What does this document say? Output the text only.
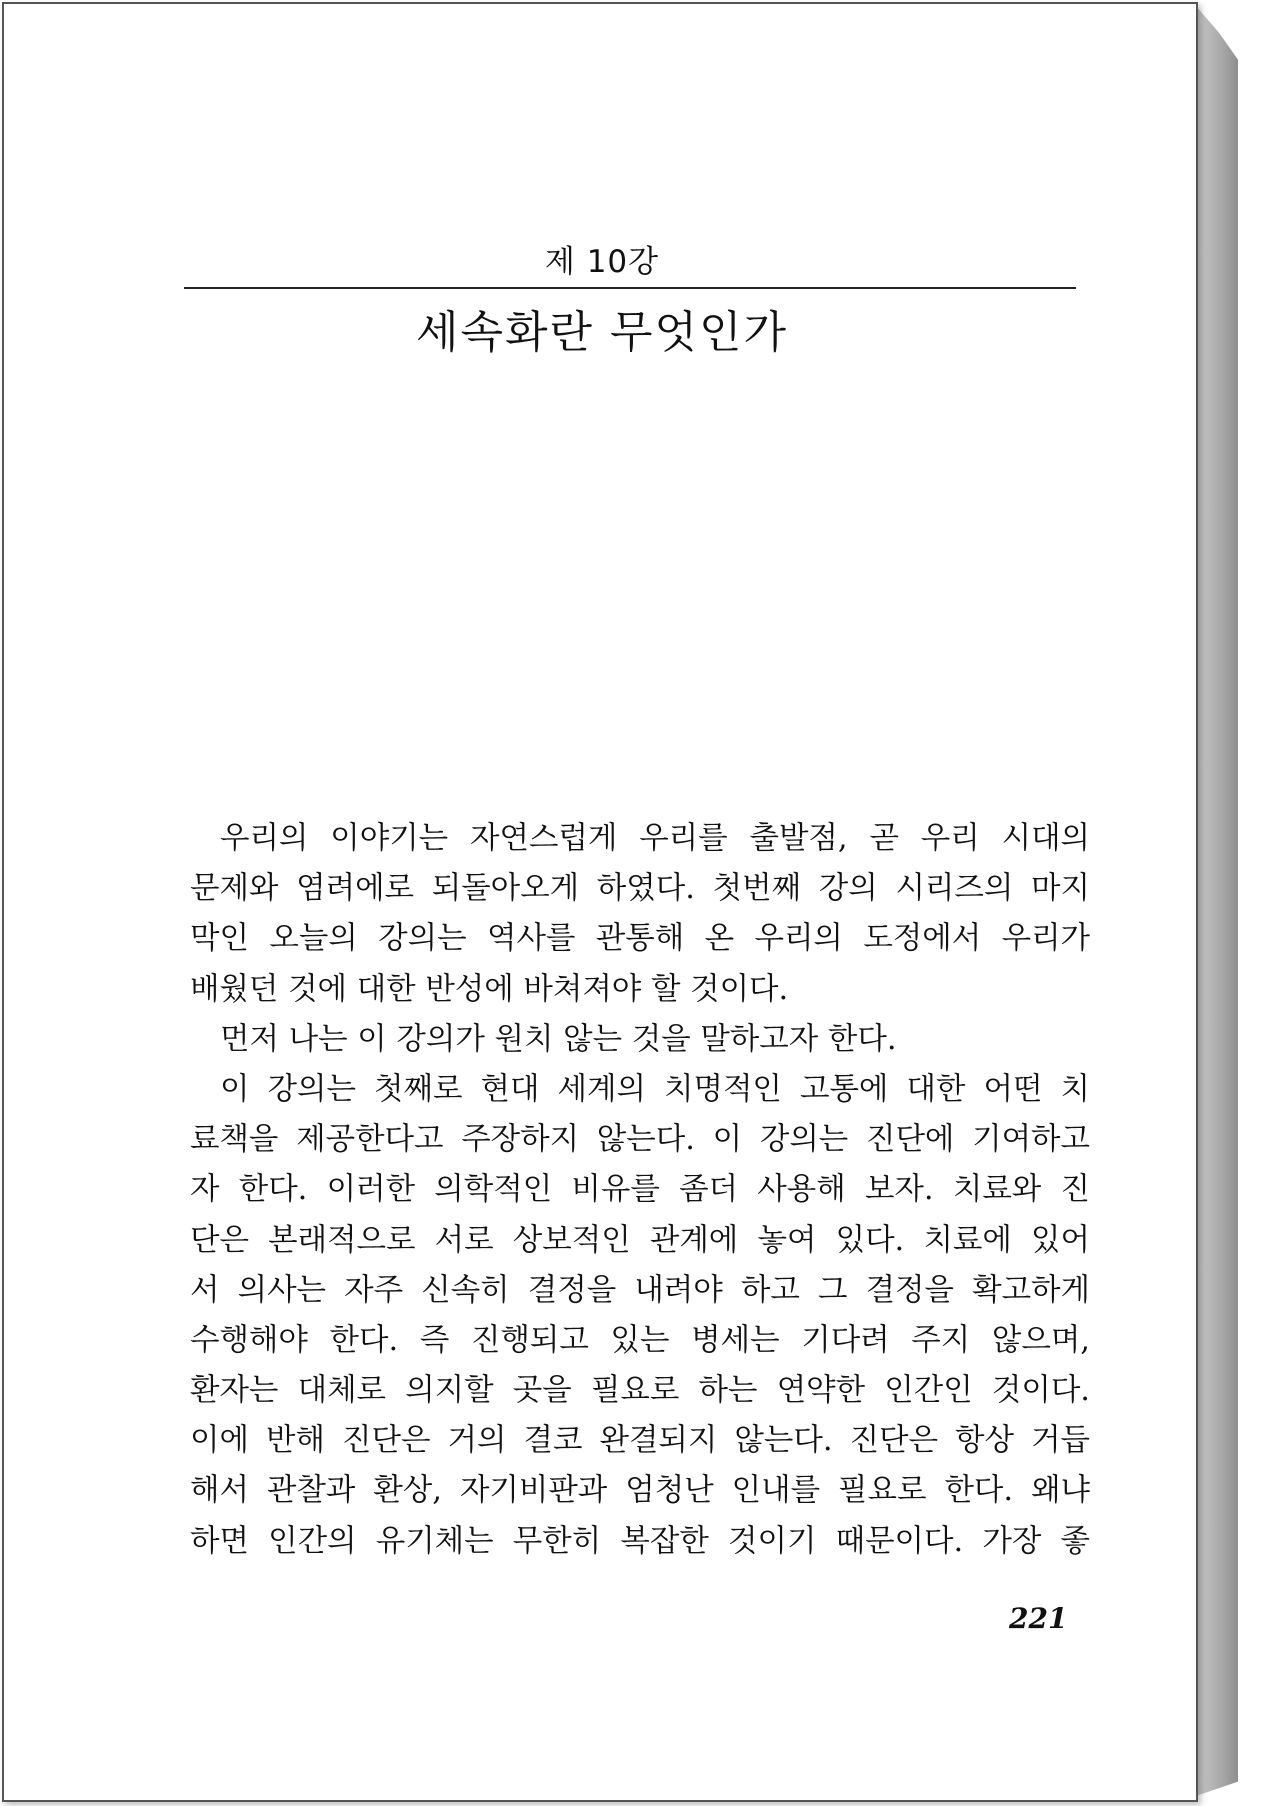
제 10강
세속화란 무엇인가
우리의 이야기는 자연스럽게 우리를 출발점, 곧 우리 시대의
문제와 염려에로 되돌아오게 하였다. 첫번째 강의 시리즈의 마지
막인 오늘의 강의는 역사를 관통해 온 우리의 도정에서 우리가
배웠던 것에 대한 반성에 바쳐져야 할 것이다.
먼저 나는 이 강의가 원치 않는 것을 말하고자 한다.
이 강의는 첫째로 현대 세계의 치명적인 고통에 대한 어떤 치
료책을 제공한다고 주장하지 않는다. 이 강의는 진단에 기여하고
자 한다. 이러한 의학적인 비유를 좀더 사용해 보자. 치료와 진
단은 본래적으로 서로 상보적인 관계에 놓여 있다. 치료에 있어
서 의사는 자주 신속히 결정을 내려야 하고 그 결정을 확고하게
수행해야 한다. 즉 진행되고 있는 병세는 기다려 주지 않으며,
환자는 대체로 의지할 곳을 필요로 하는 연약한 인간인 것이다.
이에 반해 진단은 거의 결코 완결되지 않는다. 진단은 항상 거듭
해서 관찰과 환상, 자기비판과 엄청난 인내를 필요로 한다. 왜냐
하면 인간의 유기체는 무한히 복잡한 것이기 때문이다. 가장 좋
221
